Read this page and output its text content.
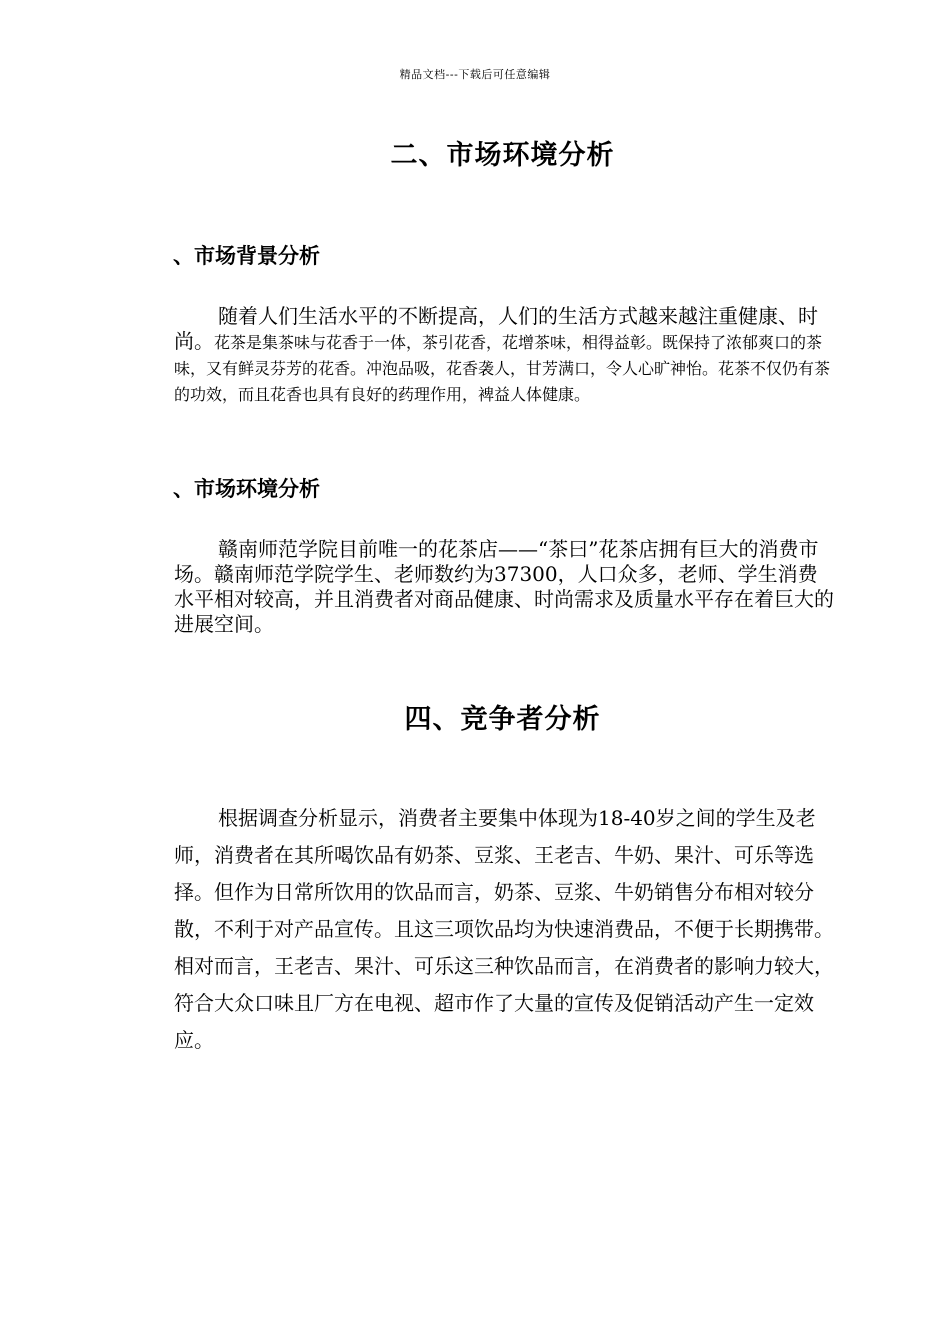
精品文档---下载后可任意编辑
二、市场环境分析
、市场背景分析

随着人们生活水平的不断提高，人们的生活方式越来越注重健康、时尚。花茶是集茶味与花香于一体，茶引花香，花增茶味，相得益彰。既保持了浓郁爽口的茶味，又有鲜灵芬芳的花香。冲泡品吸，花香袭人，甘芳满口，令人心旷神怡。花茶不仅仍有茶的功效，而且花香也具有良好的药理作用，裨益人体健康。

、市场环境分析

赣南师范学院目前唯一的花茶店——“茶曰”花茶店拥有巨大的消费市场。赣南师范学院学生、老师数约为37300，人口众多，老师、学生消费水平相对较高，并且消费者对商品健康、时尚需求及质量水平存在着巨大的进展空间。

四、竞争者分析

根据调查分析显示，消费者主要集中体现为18-40岁之间的学生及老师，消费者在其所喝饮品有奶茶、豆浆、王老吉、牛奶、果汁、可乐等选择。但作为日常所饮用的饮品而言，奶茶、豆浆、牛奶销售分布相对较分散，不利于对产品宣传。且这三项饮品均为快速消费品，不便于长期携带。相对而言，王老吉、果汁、可乐这三种饮品而言，在消费者的影响力较大，符合大众口味且厂方在电视、超市作了大量的宣传及促销活动产生一定效应。
